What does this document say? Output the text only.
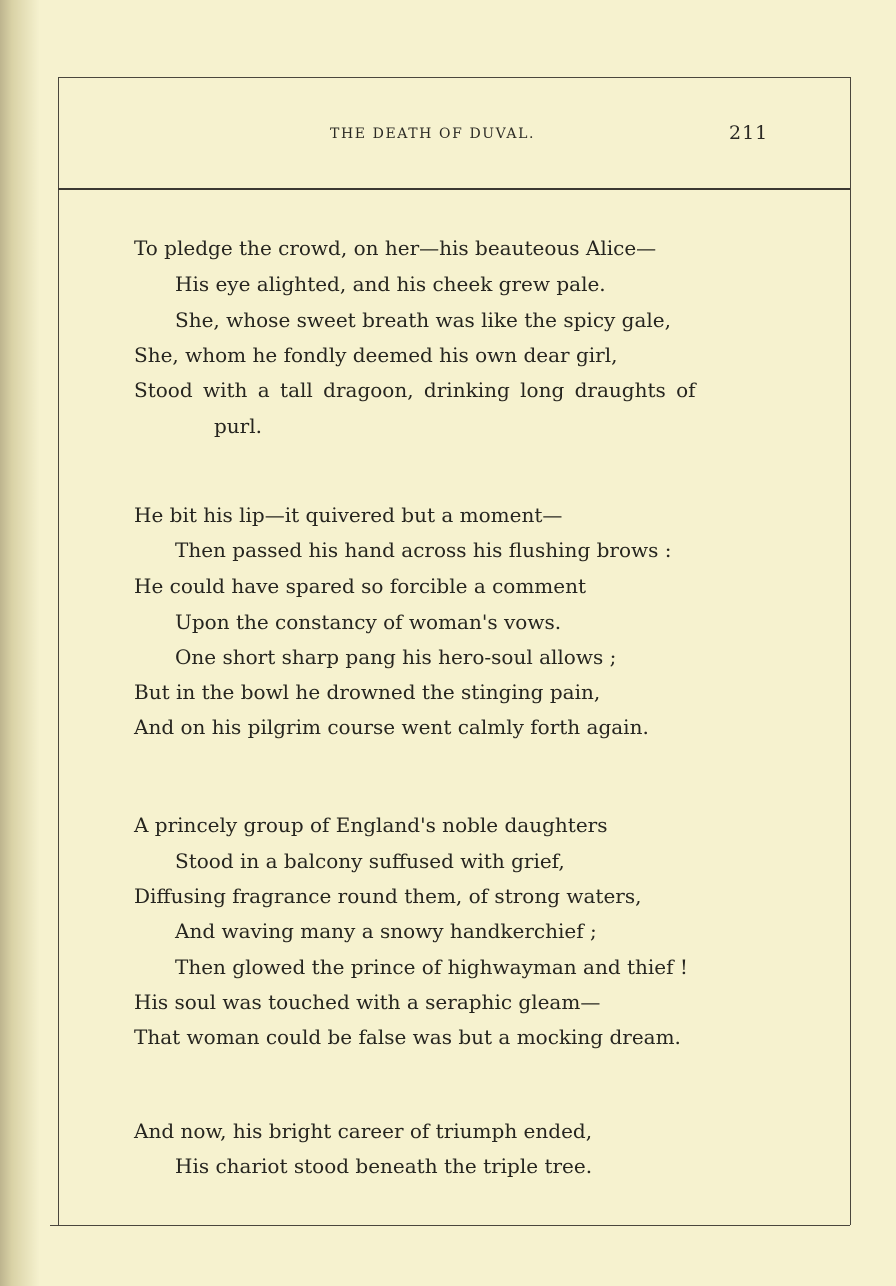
THE DEATH OF DUVAL.	211
To pledge the crowd, on her—his beauteous Alice—
His eye alighted, and his cheek grew pale.
She, whose sweet breath was like the spicy gale,
She, whom he fondly deemed his own dear girl,
Stood with a tall dragoon, drinking long draughts of
purl.
He bit his lip—it quivered but a moment—
Then passed his hand across his flushing brows :
He could have spared so forcible a comment
Upon the constancy of woman's vows.
One short sharp pang his hero-soul allows ;
But in the bowl he drowned the stinging pain,
And on his pilgrim course went calmly forth again.
A princely group of England's noble daughters
Stood in a balcony suffused with grief,
Diffusing fragrance round them, of strong waters,
And waving many a snowy handkerchief ;
Then glowed the prince of highwayman and thief !
His soul was touched with a seraphic gleam—
That woman could be false was but a mocking dream.
And now, his bright career of triumph ended,
His chariot stood beneath the triple tree.
